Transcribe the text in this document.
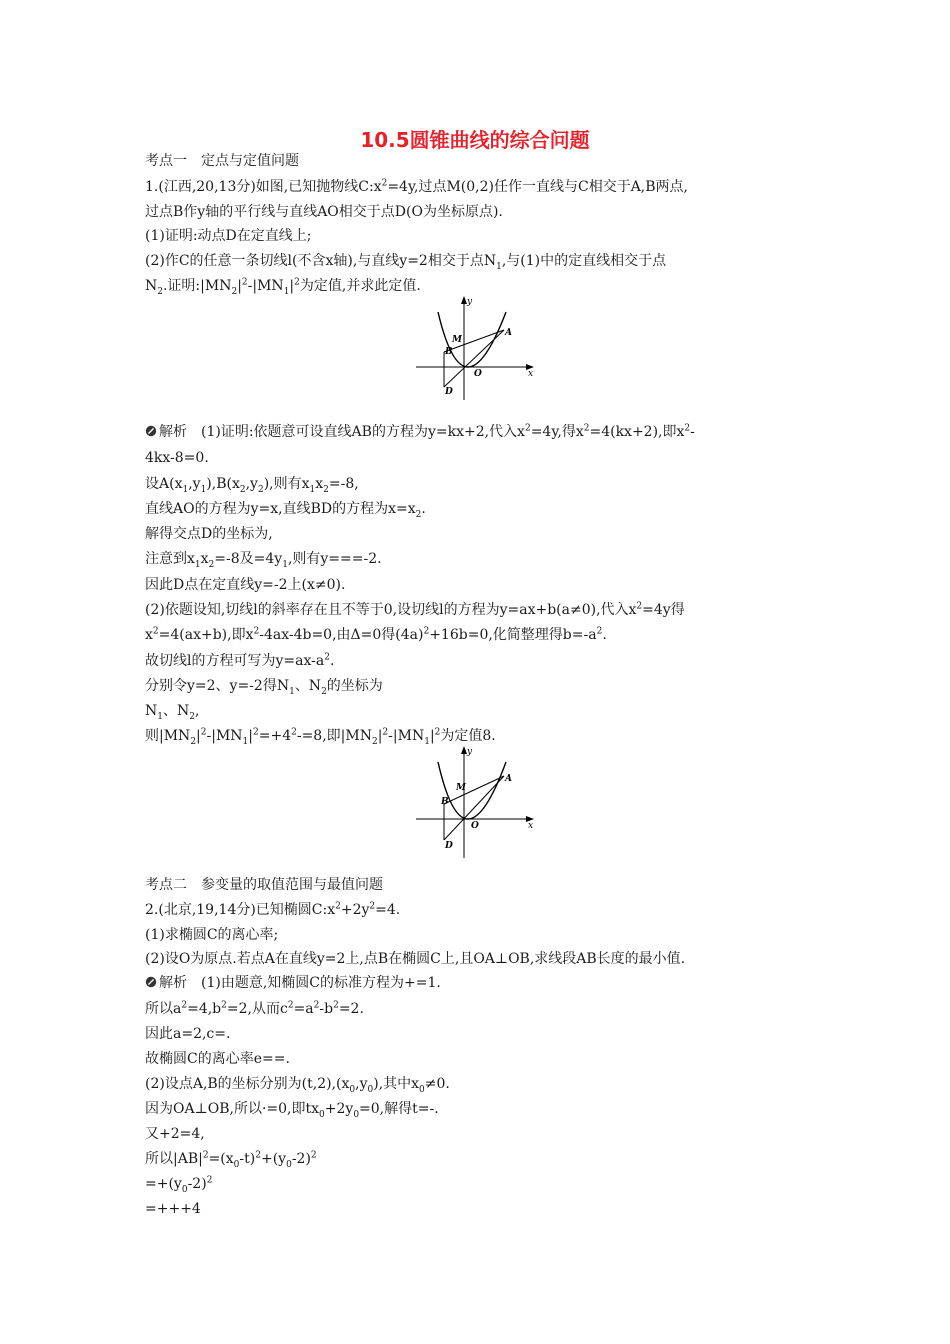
10.5圆锥曲线的综合问题
考点一　定点与定值问题
1.(江西,20,13分)如图,已知抛物线$C:x^2=4y$,过点M(0,2)任作一直线与C相交于A,B两点,
过点B作y轴的平行线与直线AO相交于点D(O为坐标原点).
(1)证明:动点D在定直线上;
(2)作C的任意一条切线l(不含x轴),与直线y=2相交于点$N_1$,与(1)中的定直线相交于点
$N_2$.证明$:|MN_2|^2-|MN_1|^2$为定值,并求此定值.
y
x
A
M
B
O
D
解析　(1)证明:依题意可设直线AB的方程为y=kx+2,代入$x^2=4y$,得$x^2=4(kx+2)$,即$x^2-$
4kx-8=0.
设$A(x_1,y_1),B(x_2,y_2)$,则有$x_1x_2=-8$,
直线AO的方程为y=x,直线BD的方程为$x=x_2$.
解得交点D的坐标为,
注意到$x_1x_2=-8$及$=4y_1$,则有y===-2.
因此D点在定直线y=-2上(x≠0).
(2)依题设知,切线l的斜率存在且不等于0,设切线l的方程为y=ax+b(a≠0),代入$x^2=4y$得
$x^2=4(ax+b)$,即$x^2-4ax-4b=0$,由Δ=0得$(4a)^2+16b=0$,化简整理得$b=-a^2$.
故切线l的方程可写为$y=ax-a^2$.
分别令y=2、y=-2得$N_1$、$N_2$的坐标为
$N_1$、$N_2$,
则$|MN_2|^2-|MN_1|^2=+4^2-=8$,即$|MN_2|^2-|MN_1|^2$为定值8.
y
x
A
M
B
O
D
考点二　参变量的取值范围与最值问题
2.(北京,19,14分)已知椭圆$C:x^2+2y^2=4$.
(1)求椭圆C的离心率;
(2)设O为原点.若点A在直线y=2上,点B在椭圆C上,且OA⊥OB,求线段AB长度的最小值.
解析　(1)由题意,知椭圆C的标准方程为+=1.
所以$a^2=4,b^2=2$,从而$c^2=a^2-b^2=2$.
因此a=2,c=.
故椭圆C的离心率e==.
(2)设点A,B的坐标分别为$(t,2),(x_0,y_0)$,其中$x_0\ne 0$.
因为OA⊥OB,所以·=0,即$tx_0+2y_0=0$,解得t=-.
又+2=4,
所以$|AB|^2=(x_0-t)^2+(y_0-2)^2$
$=+(y_0-2)^2$
=+++4
